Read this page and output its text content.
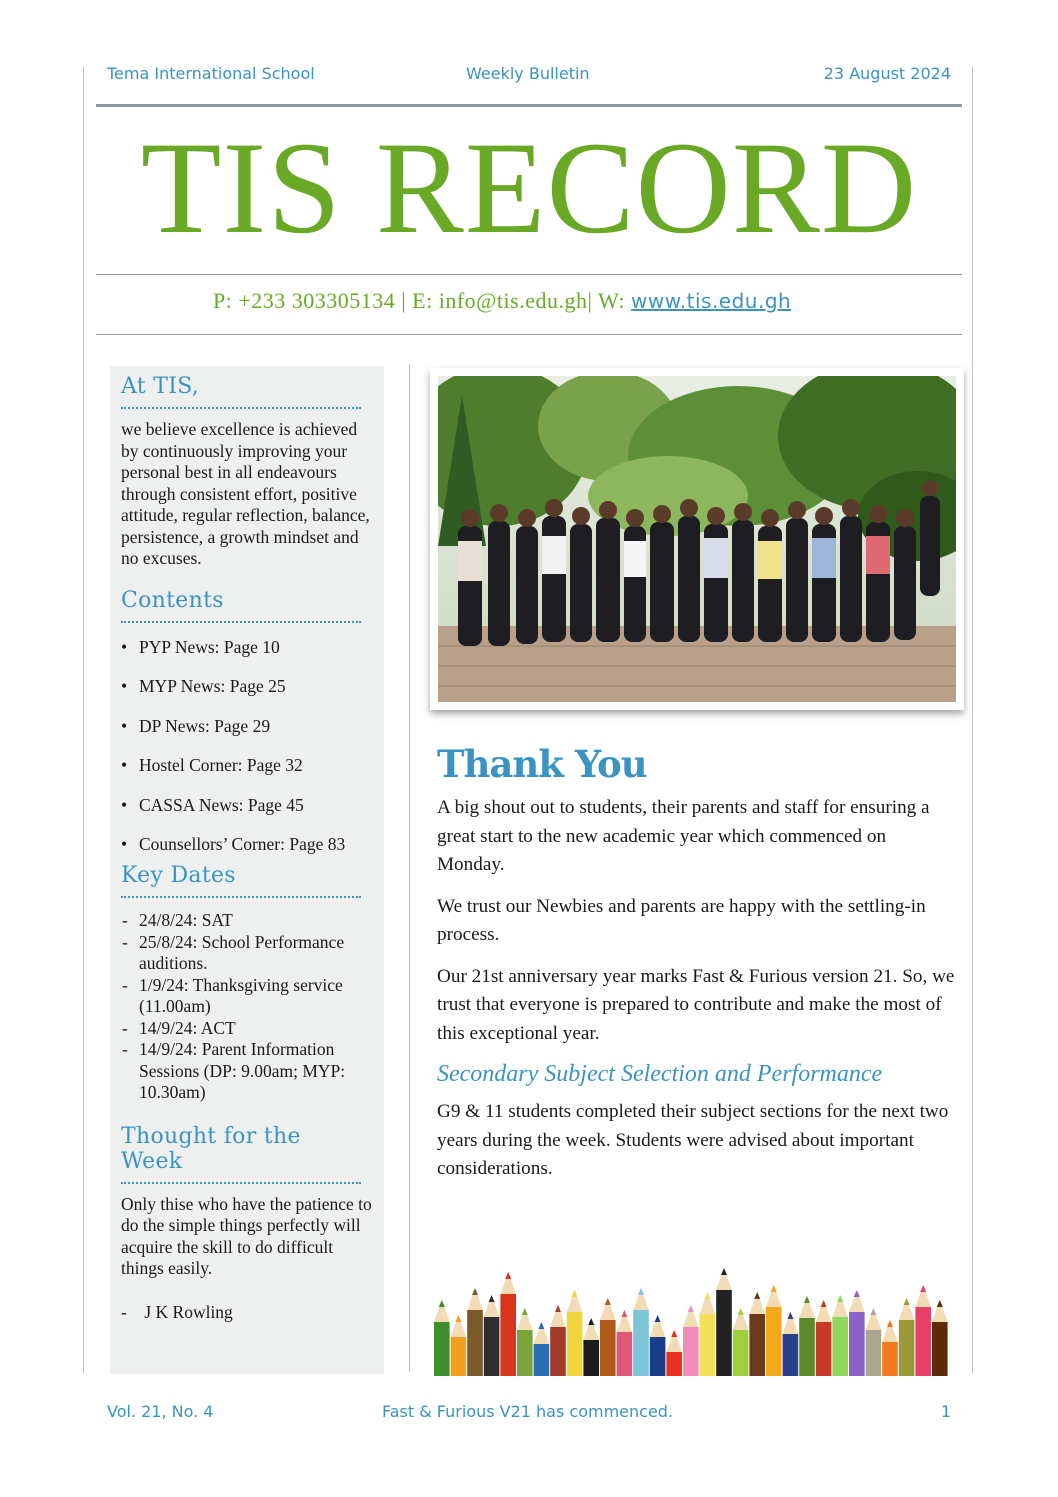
Tema International School	Weekly Bulletin	23 August 2024
TIS RECORD
P: +233 303305134 | E: info@tis.edu.gh| W: www.tis.edu.gh
At TIS,
we believe excellence is achieved by continuously improving your personal best in all endeavours through consistent effort, positive attitude, regular reflection, balance, persistence, a growth mindset and no excuses.
Contents
• PYP News: Page 10
• MYP News: Page 25
• DP News: Page 29
• Hostel Corner: Page 32
• CASSA News: Page 45
• Counsellors’ Corner: Page 83
Key Dates
- 24/8/24: SAT
- 25/8/24: School Performance auditions.
- 1/9/24: Thanksgiving service (11.00am)
- 14/9/24: ACT
- 14/9/24: Parent Information Sessions (DP: 9.00am; MYP: 10.30am)
Thought for the Week
Only thise who have the patience to do the simple things perfectly will acquire the skill to do difficult things easily.
-    J K Rowling
Thank You

A big shout out to students, their parents and staff for ensuring a great start to the new academic year which commenced on Monday.

We trust our Newbies and parents are happy with the settling-in process.

Our 21st anniversary year marks Fast & Furious version 21. So, we trust that everyone is prepared to contribute and make the most of this exceptional year.

Secondary Subject Selection and Performance

G9 & 11 students completed their subject sections for the next two years during the week. Students were advised about important considerations.

Vol. 21, No. 4	Fast & Furious V21 has commenced.	1
